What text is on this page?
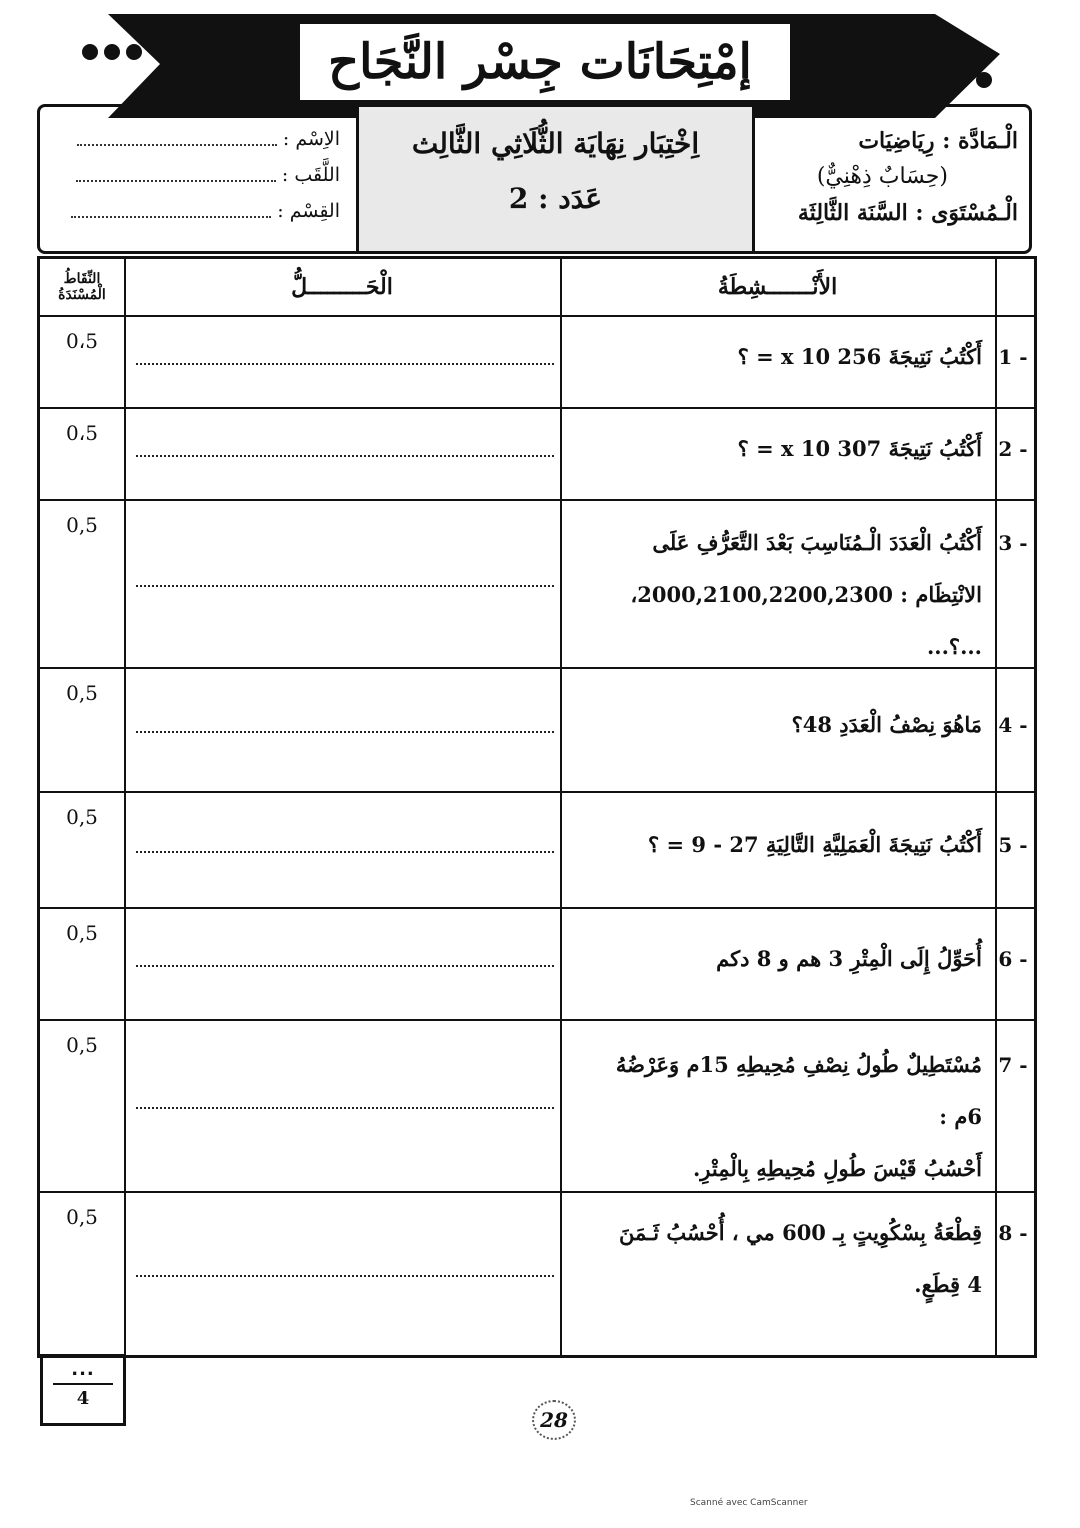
إمْتِحَانَات جِسْر النَّجَاح
الْـمَادَّة : رِيَاضِيَات
(حِسَابٌ ذِهْنِيٌّ)
الْـمُسْتَوَى : السَّنَة الثَّالِثَة
اِخْتِبَار نِهَايَة الثُّلَاثِي الثَّالِث
عَدَد : 2
الاِسْم :
اللَّقَب :
القِسْم :
النِّقَاطُ الْمُسْنَدَةُ	الْحَـــــــــلُّ	الأَنْـــــــشِطَةُ
0،5
1 -
أَكْتُبُ نَتِيجَةَ 256 x 10 = ؟
0،5
2 -
أَكْتُبُ نَتِيجَةَ 307 x 10 = ؟
0,5
3 -
أَكْتُبُ الْعَدَدَ الْـمُنَاسِبَ بَعْدَ التَّعَرُّفِ عَلَى
الانْتِظَام : 2000,2100,2200,2300، ...؟...
0,5
4 -
مَاهُوَ نِصْفُ الْعَدَدِ 48؟
0,5
5 -
أَكْتُبُ نَتِيجَةَ الْعَمَلِيَّةِ التَّالِيَةِ 27 - 9 = ؟
0,5
6 -
أُحَوِّلُ إِلَى الْمِتْرِ 3 هم و 8 دكم
0,5
7 -
مُسْتَطِيلٌ طُولُ نِصْفِ مُحِيطِهِ 15م وَعَرْضُهُ 6م :
أَحْسُبُ قَيْسَ طُولِ مُحِيطِهِ بِالْمِتْرِ.
0,5
8 -
قِطْعَةُ بِسْكُوِيتٍ بِـ 600 مي ، أُحْسُبُ ثَـمَنَ
4 قِطَعٍ.
...
4
28
Scanné avec CamScanner
